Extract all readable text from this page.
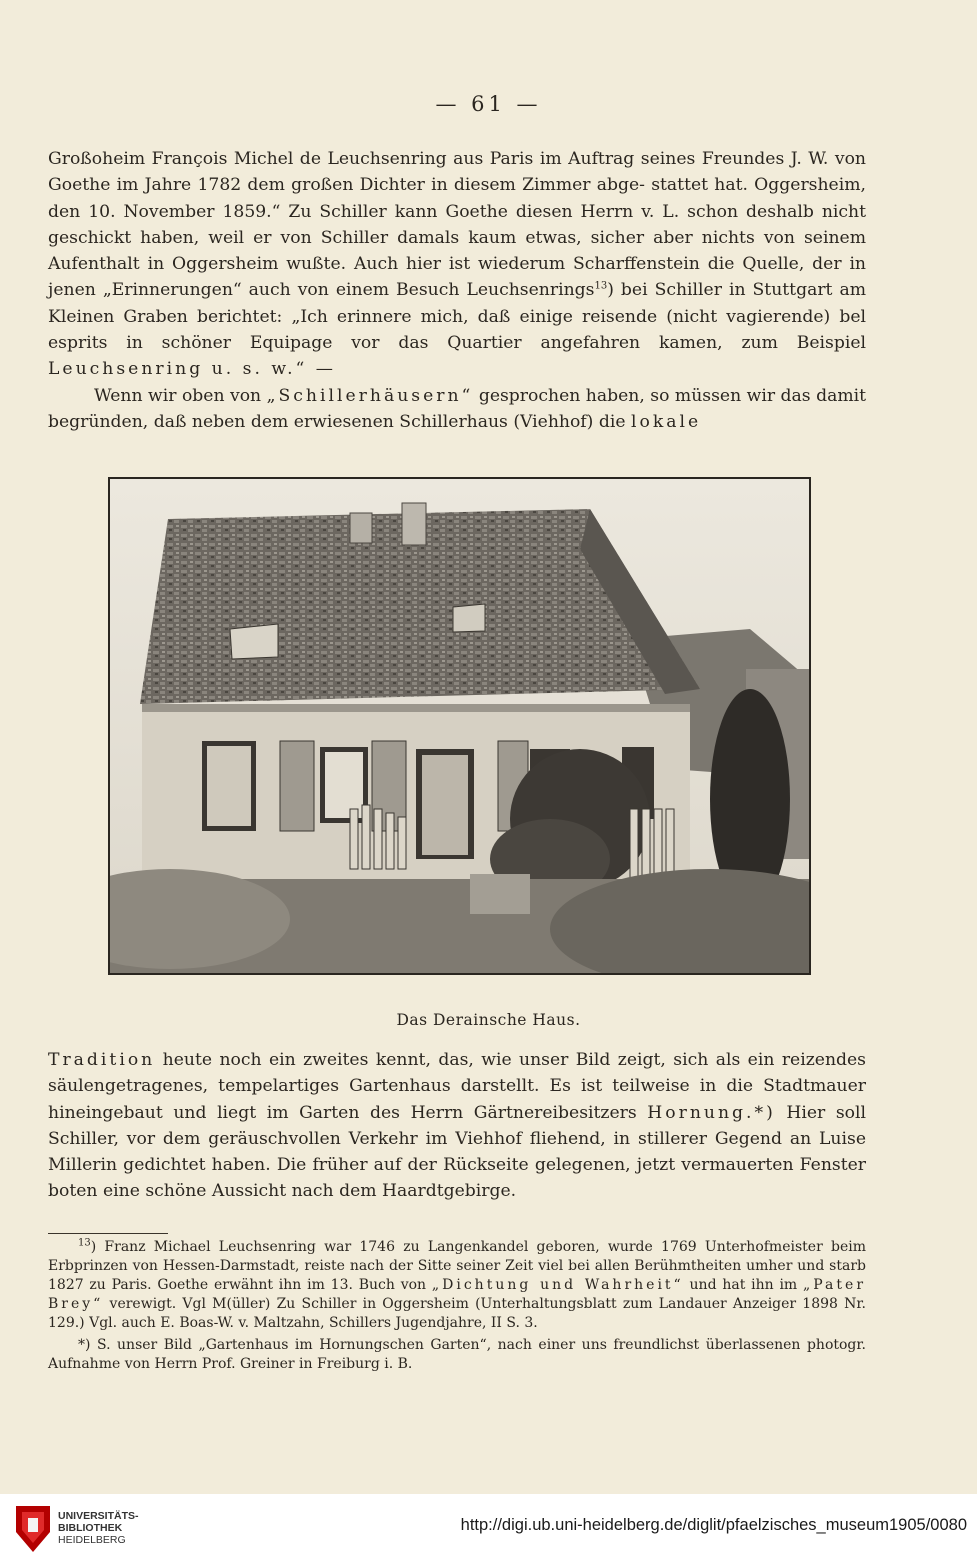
— 61 —

Großoheim François Michel de Leuchsenring aus Paris im Auftrag seines Freundes J. W. von Goethe im Jahre 1782 dem großen Dichter in diesem Zimmer abge- stattet hat. Oggersheim, den 10. November 1859.“ Zu Schiller kann Goethe diesen Herrn v. L. schon deshalb nicht geschickt haben, weil er von Schiller damals kaum etwas, sicher aber nichts von seinem Aufenthalt in Oggersheim wußte. Auch hier ist wiederum Scharffenstein die Quelle, der in jenen „Erinnerungen“ auch von einem Besuch Leuchsenrings$^{13}$) bei Schiller in Stuttgart am Kleinen Graben berichtet: „Ich erinnere mich, daß einige reisende (nicht vagierende) bel esprits in schöner Equipage vor das Quartier angefahren kamen, zum Beispiel Leuchsenring u. s. w.“ —

Wenn wir oben von „Schillerhäusern“ gesprochen haben, so müssen wir das damit begründen, daß neben dem erwiesenen Schillerhaus (Viehhof) die lokale

Das Derainsche Haus.

Tradition heute noch ein zweites kennt, das, wie unser Bild zeigt, sich als ein reizendes säulengetragenes, tempelartiges Gartenhaus darstellt. Es ist teilweise in die Stadtmauer hineingebaut und liegt im Garten des Herrn Gärtnereibesitzers Hornung.*) Hier soll Schiller, vor dem geräuschvollen Verkehr im Viehhof fliehend, in stillerer Gegend an Luise Millerin gedichtet haben. Die früher auf der Rückseite gelegenen, jetzt vermauerten Fenster boten eine schöne Aussicht nach dem Haardtgebirge.

$^{13}$) Franz Michael Leuchsenring war 1746 zu Langenkandel geboren, wurde 1769 Unterhofmeister beim Erbprinzen von Hessen-Darmstadt, reiste nach der Sitte seiner Zeit viel bei allen Berühmtheiten umher und starb 1827 zu Paris. Goethe erwähnt ihn im 13. Buch von „Dichtung und Wahrheit“ und hat ihn im „Pater Brey“ verewigt. Vgl M(üller) Zu Schiller in Oggersheim (Unterhaltungsblatt zum Landauer Anzeiger 1898 Nr. 129.) Vgl. auch E. Boas-W. v. Maltzahn, Schillers Jugendjahre, II S. 3.

*) S. unser Bild „Gartenhaus im Hornungschen Garten“, nach einer uns freundlichst überlassenen photogr. Aufnahme von Herrn Prof. Greiner in Freiburg i. B.

UNIVERSITÄTS-
BIBLIOTHEK
HEIDELBERG
http://digi.ub.uni-heidelberg.de/diglit/pfaelzisches_museum1905/0080
